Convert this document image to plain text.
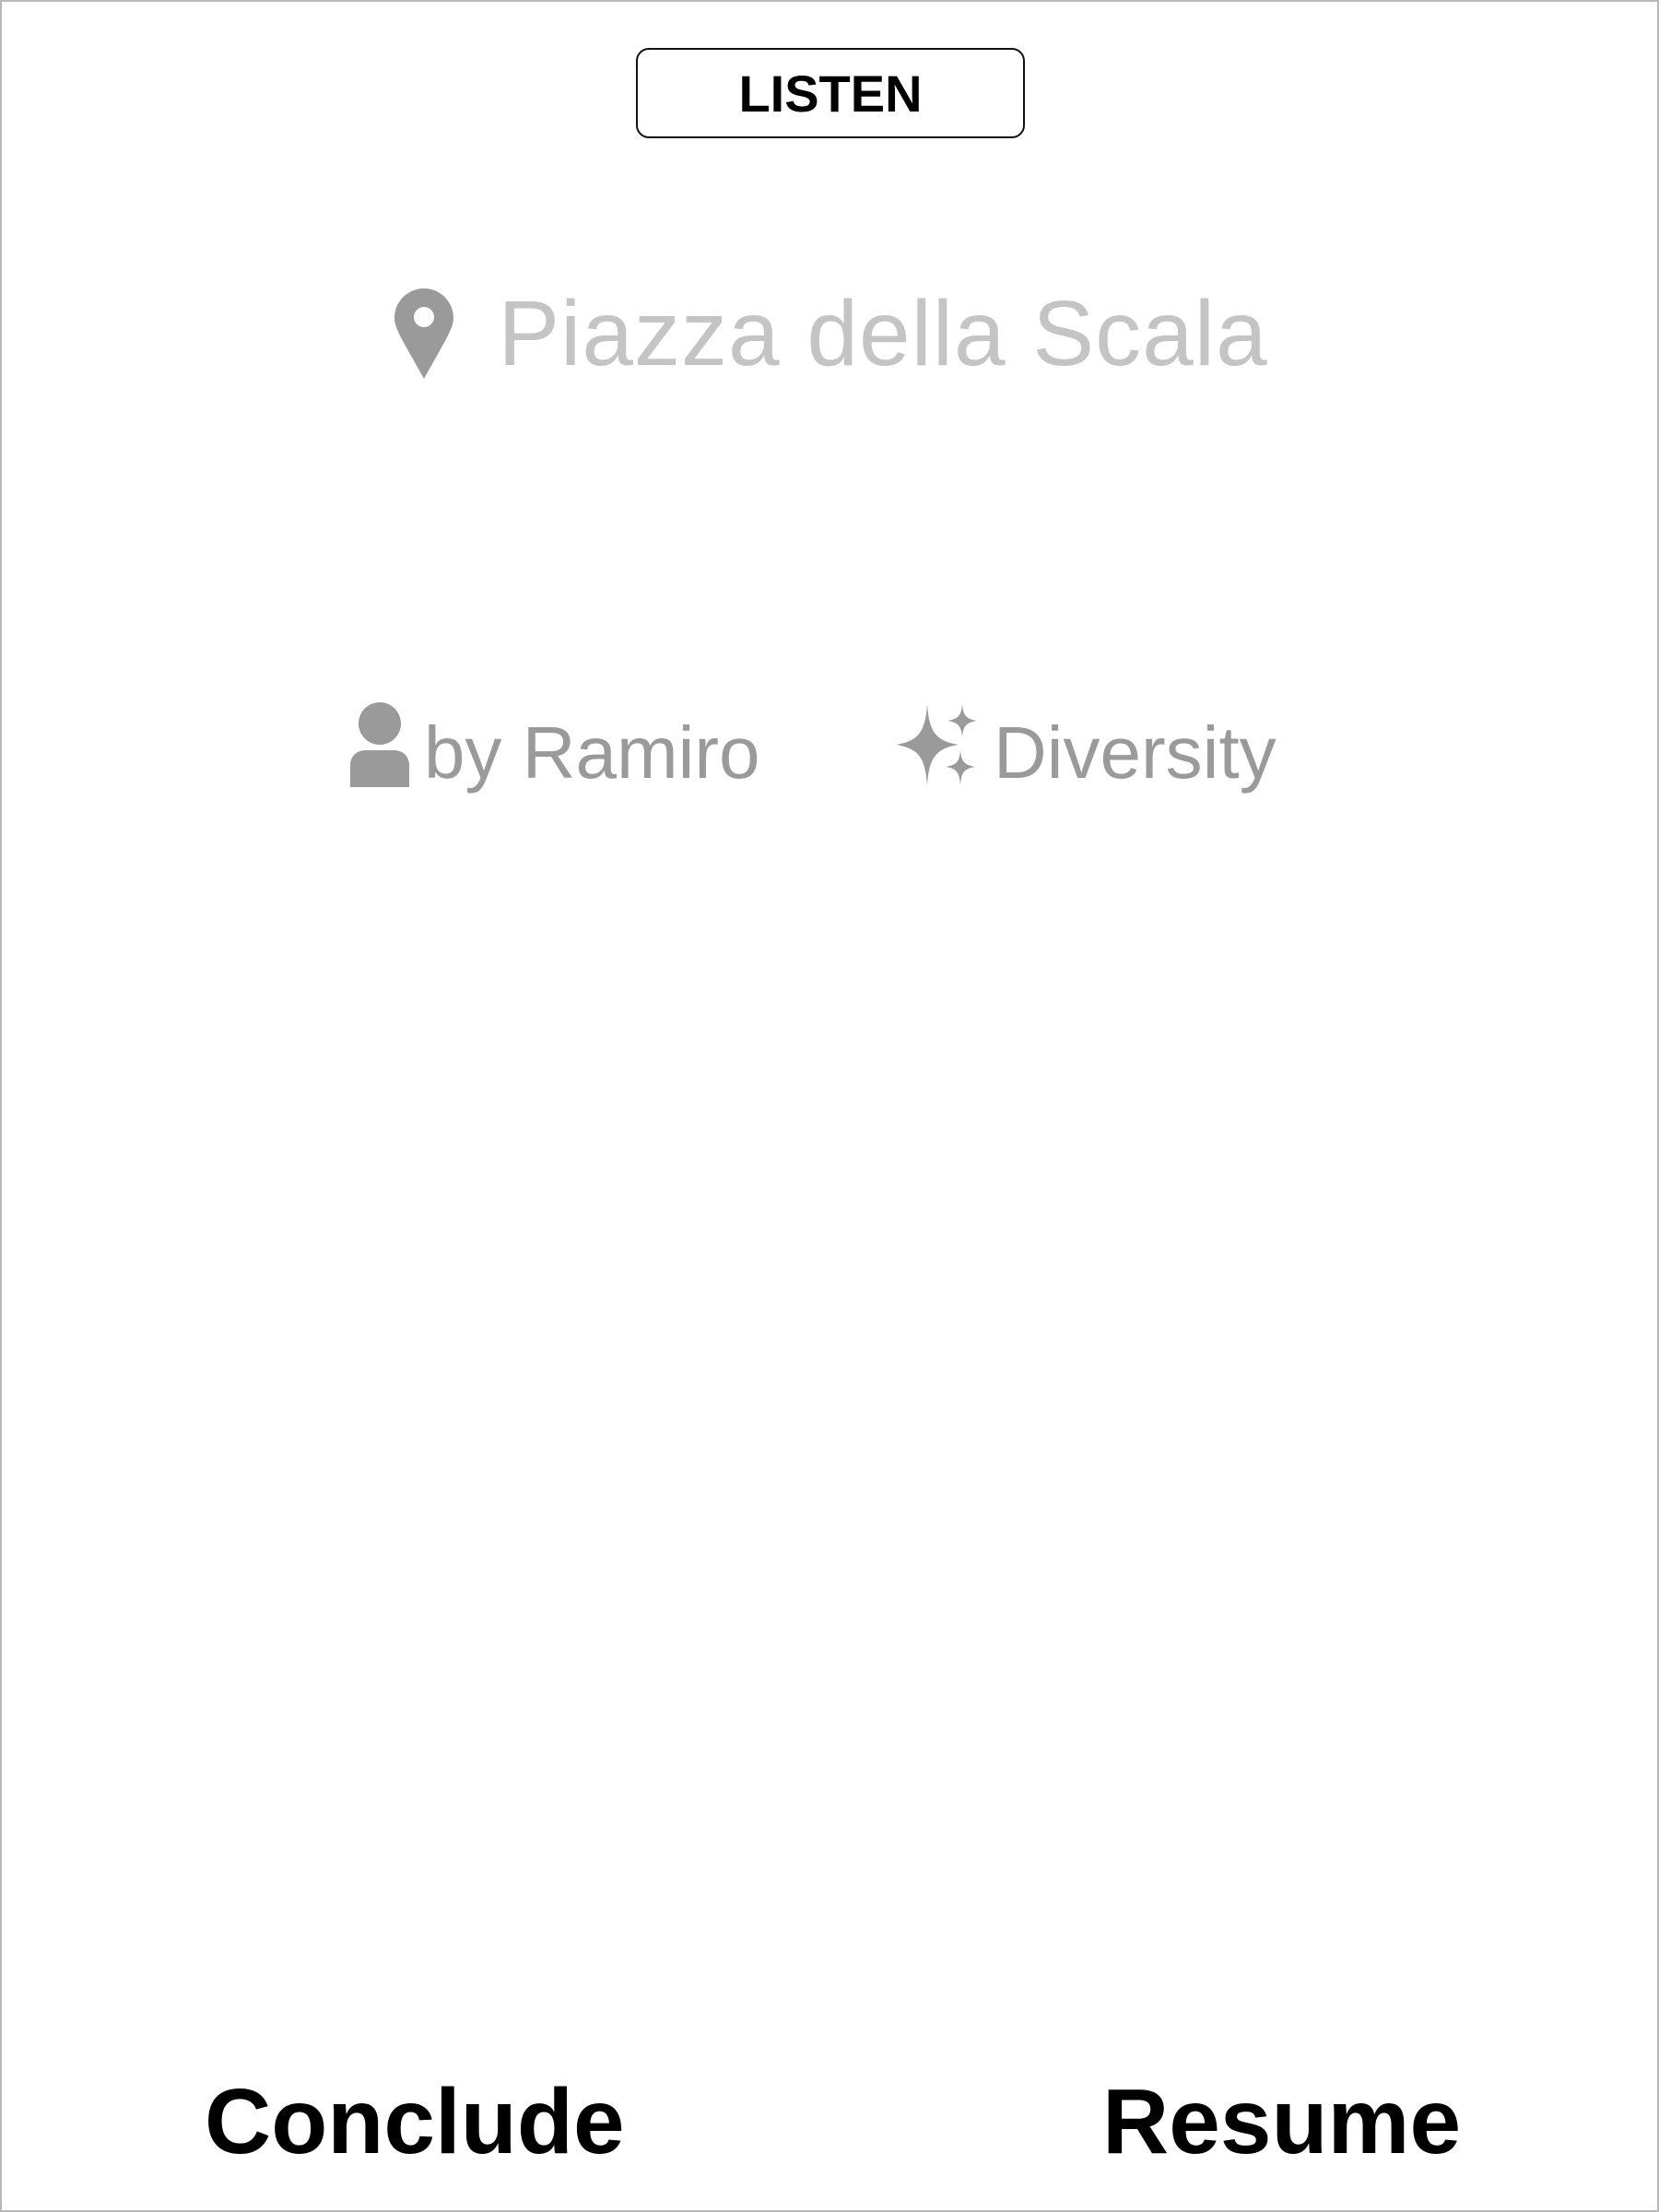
LISTEN
Piazza della Scala
by Ramiro	Diversity
Conclude	Resume
